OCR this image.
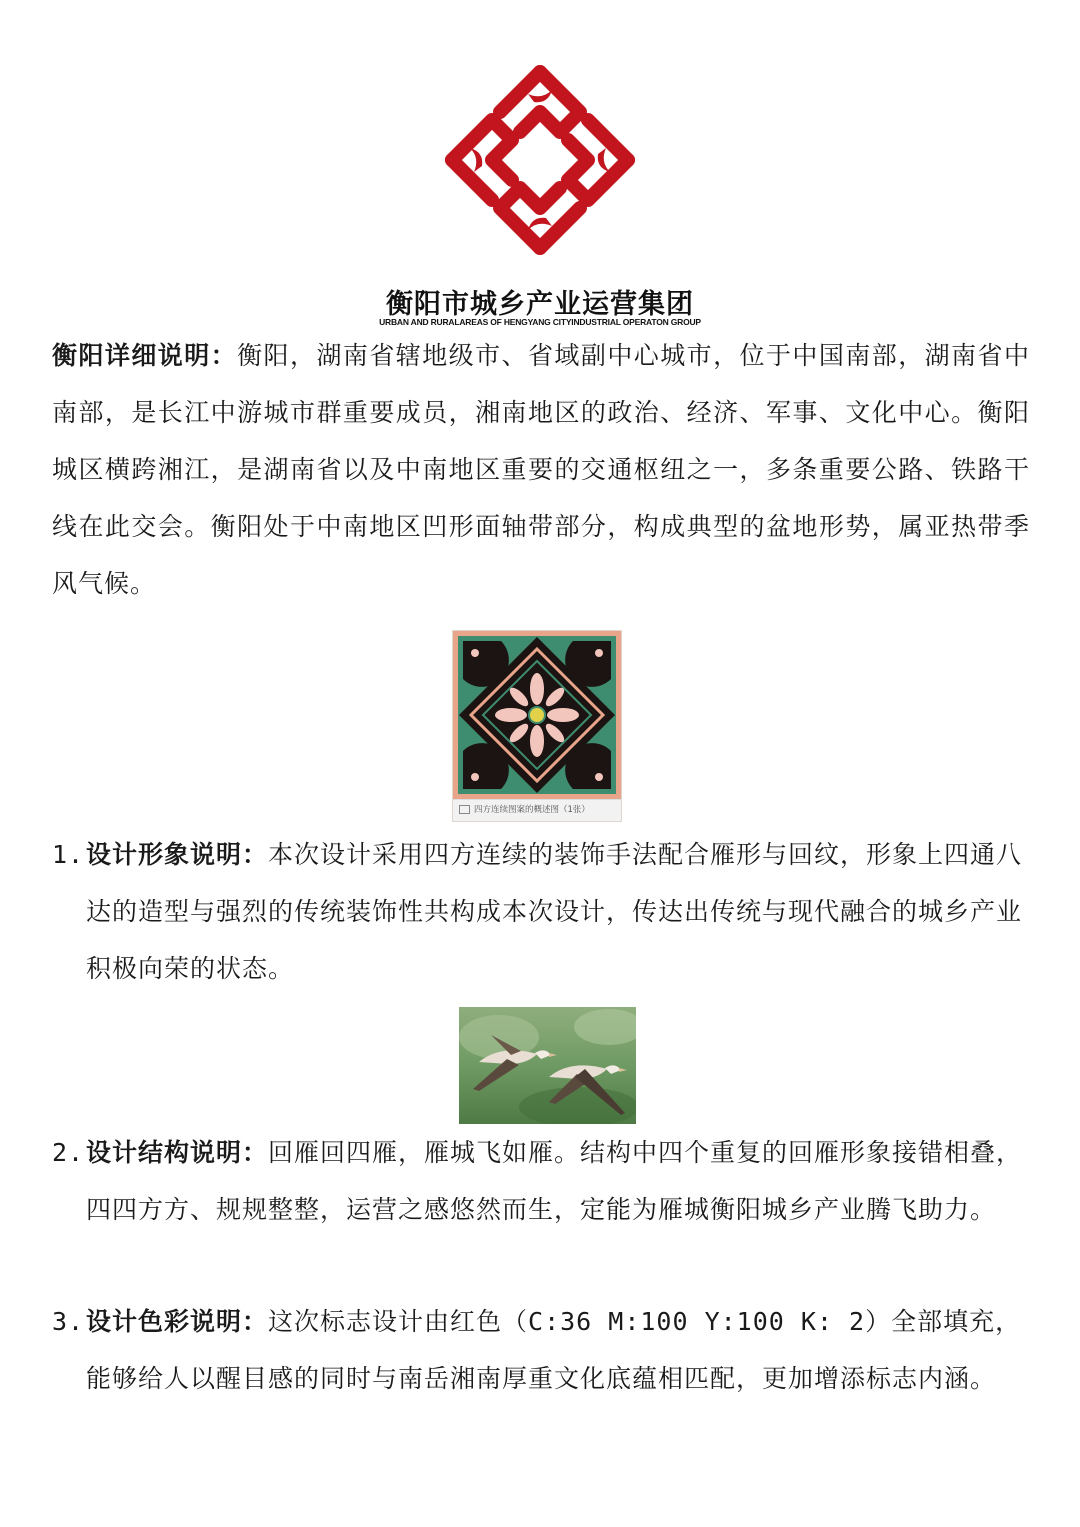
衡阳市城乡产业运营集团
URBAN AND RURALAREAS OF HENGYANG CITYINDUSTRIAL OPERATON GROUP

衡阳详细说明：衡阳，湖南省辖地级市、省域副中心城市，位于中国南部，湖南省中南部，是长江中游城市群重要成员，湘南地区的政治、经济、军事、文化中心。衡阳城区横跨湘江，是湖南省以及中南地区重要的交通枢纽之一，多条重要公路、铁路干线在此交会。衡阳处于中南地区凹形面轴带部分，构成典型的盆地形势，属亚热带季风气候。

四方连续图案的概述图（1张）
1. 设计形象说明：本次设计采用四方连续的装饰手法配合雁形与回纹，形象上四通八达的造型与强烈的传统装饰性共构成本次设计，传达出传统与现代融合的城乡产业积极向荣的状态。
2. 设计结构说明：回雁回四雁，雁城飞如雁。结构中四个重复的回雁形象接错相叠，四四方方、规规整整，运营之感悠然而生，定能为雁城衡阳城乡产业腾飞助力。
3. 设计色彩说明：这次标志设计由红色（C:36 M:100 Y:100 K: 2）全部填充，能够给人以醒目感的同时与南岳湘南厚重文化底蕴相匹配，更加增添标志内涵。
